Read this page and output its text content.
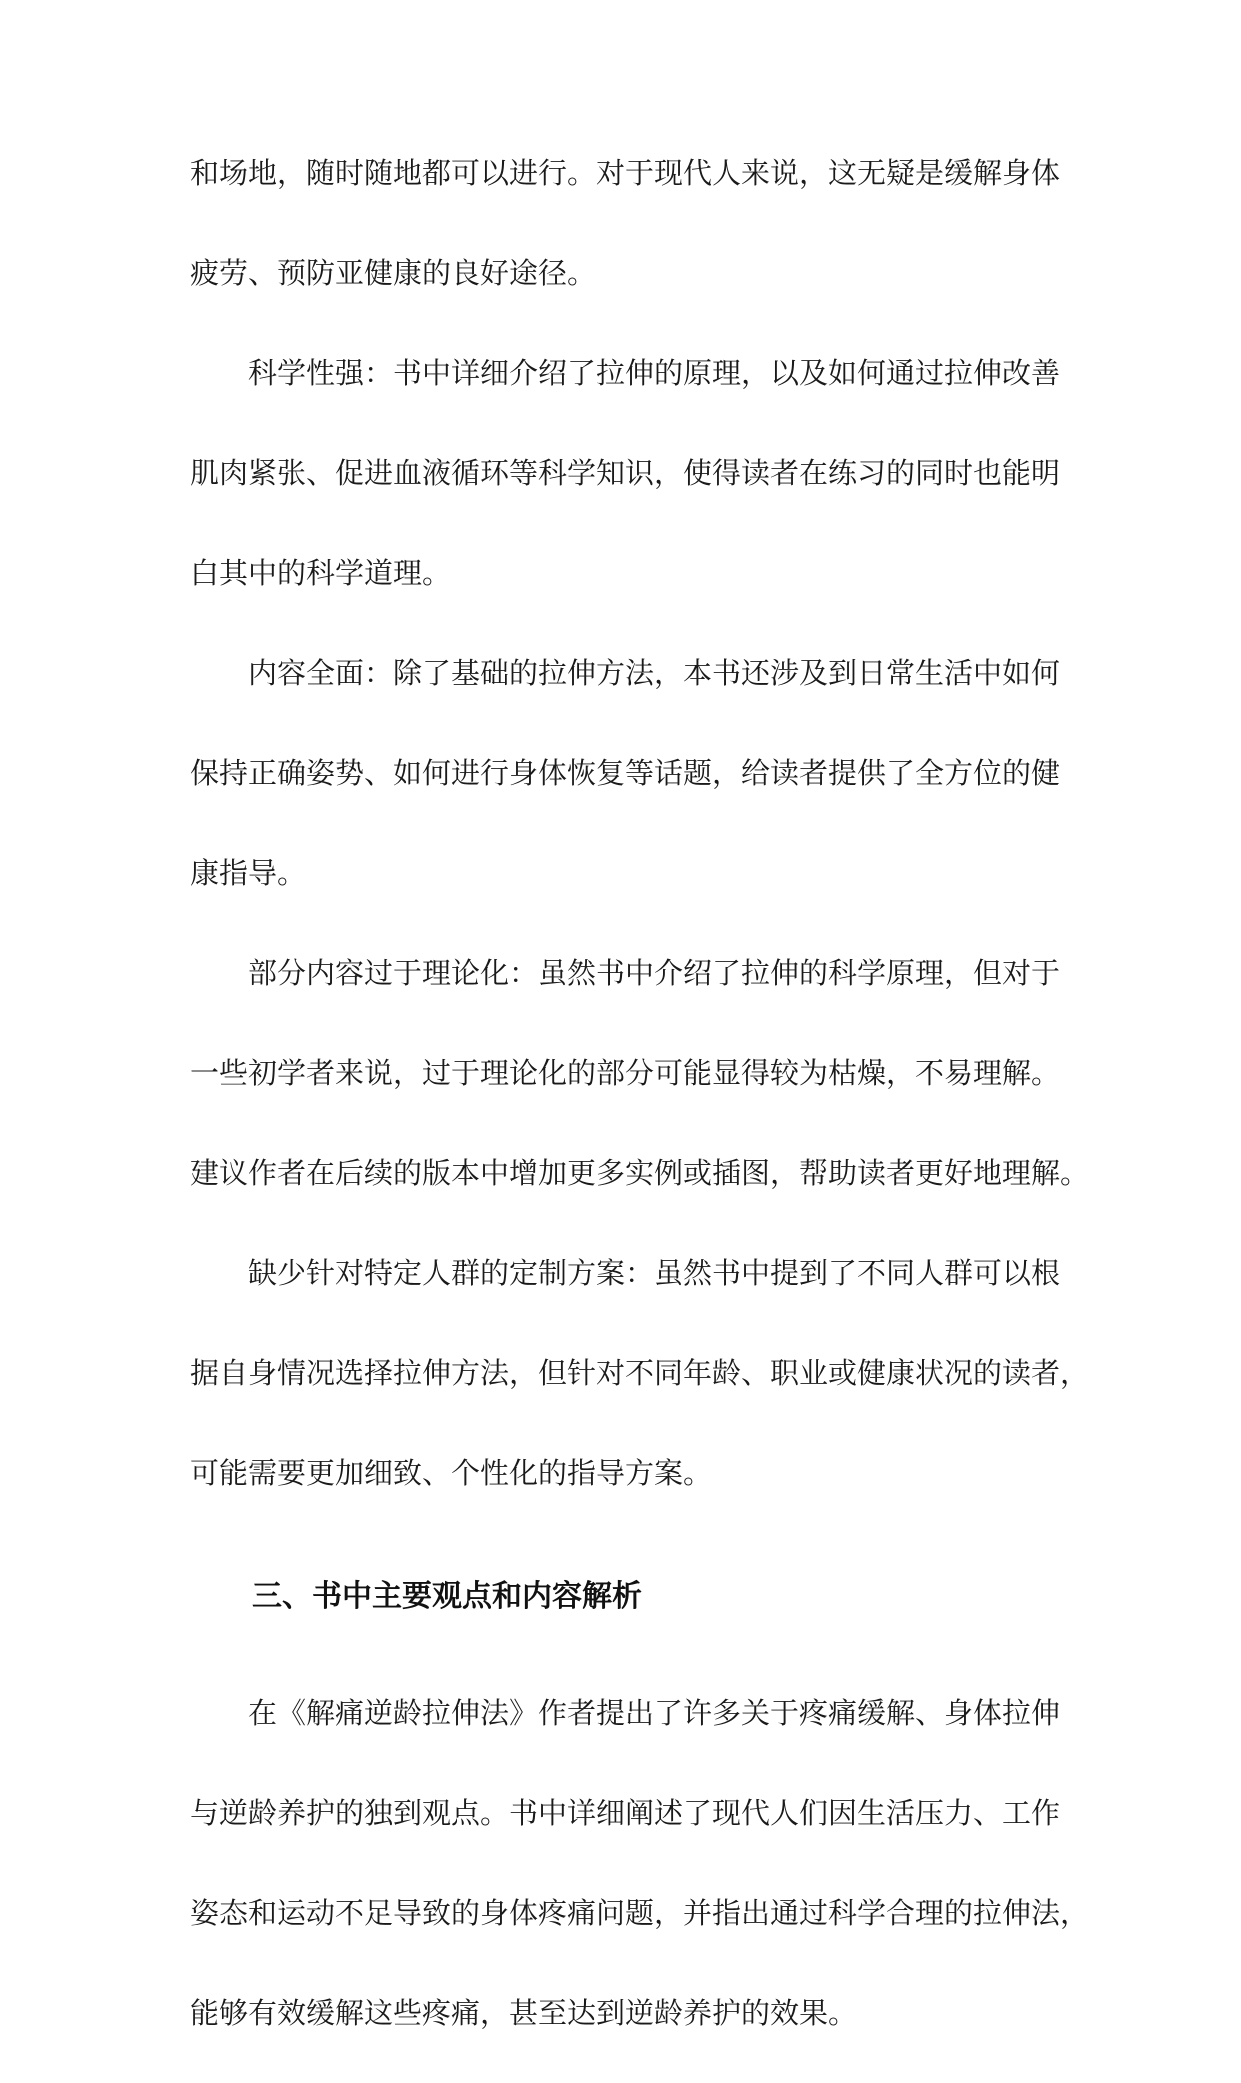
和场地，随时随地都可以进行。对于现代人来说，这无疑是缓解身体
疲劳、预防亚健康的良好途径。
科学性强：书中详细介绍了拉伸的原理，以及如何通过拉伸改善
肌肉紧张、促进血液循环等科学知识，使得读者在练习的同时也能明
白其中的科学道理。
内容全面：除了基础的拉伸方法，本书还涉及到日常生活中如何
保持正确姿势、如何进行身体恢复等话题，给读者提供了全方位的健
康指导。
部分内容过于理论化：虽然书中介绍了拉伸的科学原理，但对于
一些初学者来说，过于理论化的部分可能显得较为枯燥，不易理解。
建议作者在后续的版本中增加更多实例或插图，帮助读者更好地理解。
缺少针对特定人群的定制方案：虽然书中提到了不同人群可以根
据自身情况选择拉伸方法，但针对不同年龄、职业或健康状况的读者，
可能需要更加细致、个性化的指导方案。
三、书中主要观点和内容解析
在《解痛逆龄拉伸法》作者提出了许多关于疼痛缓解、身体拉伸
与逆龄养护的独到观点。书中详细阐述了现代人们因生活压力、工作
姿态和运动不足导致的身体疼痛问题，并指出通过科学合理的拉伸法，
能够有效缓解这些疼痛，甚至达到逆龄养护的效果。
